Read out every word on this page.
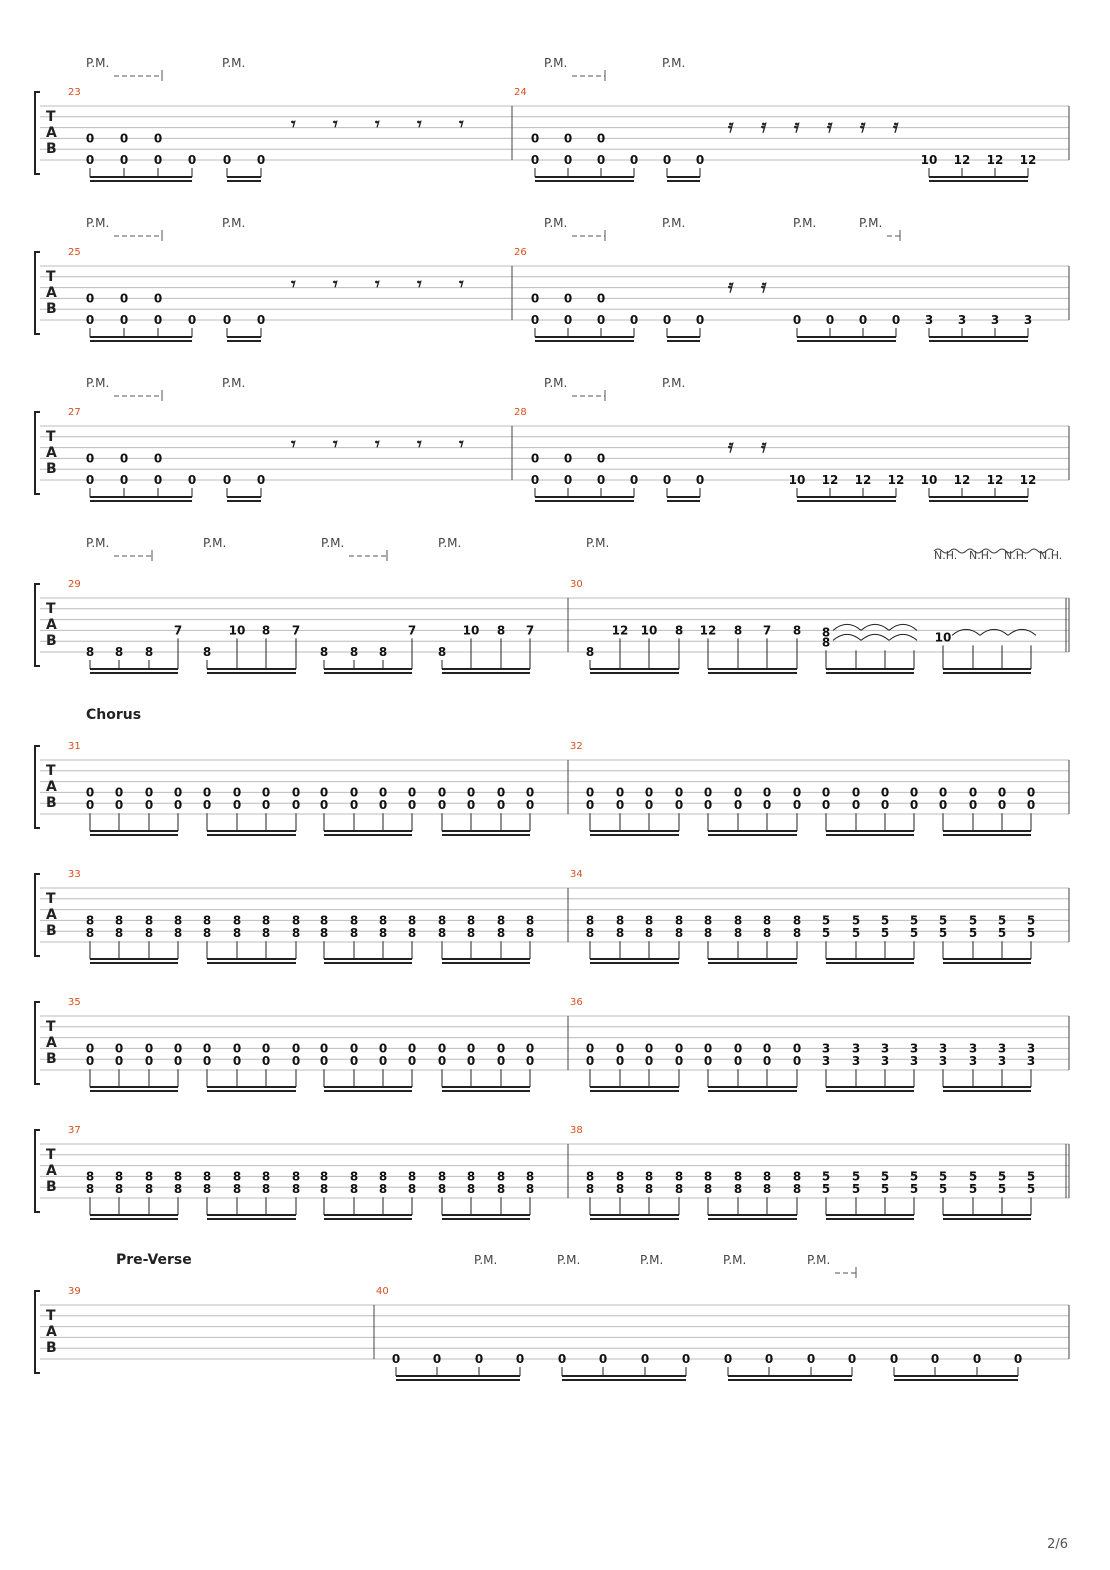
T
A
B
23	24
P.M.	P.M.
0
0
0
0
0
0 0 0 0
𝄾 𝄾 𝄾 𝄾 𝄾
P.M.	P.M.
0
0
0
0
0
0 0 0 0
𝄿 𝄿 𝄿 𝄿 𝄿 𝄿
10 12 12 12
T
A
B
25	26
P.M.	P.M.
0
0
0
0
0
0 0 0 0
𝄾 𝄾 𝄾 𝄾 𝄾
P.M.	P.M.
0
0
0
0
0
0 0 0 0
𝄿 𝄿
0 0 0 0 3 3 3 3
P.M.	P.M.
T
A
B
27	28
P.M.	P.M.
0
0
0
0
0
0 0 0 0
𝄾 𝄾 𝄾 𝄾 𝄾
P.M.	P.M.
0
0
0
0
0
0 0 0 0
𝄿 𝄿
10 12 12 12 10 12 12 12
T
A
B
29	30
P.M.	P.M.	P.M.	P.M.	P.M.
8 8 8
7
8
10 8 7
8 8 8
7
8
10 8 7
8
12 10 8 12 8 7 8 8
8	10
N.H. N.H. N.H. N.H.
T
A
B
31	32
Chorus
0
0
0
0
0
0
0
0
0
0
0
0
0
0
0
0
0
0
0
0
0
0
0
0
0
0
0
0
0
0
0
0
0
0
0
0
0
0
0
0
0
0
0
0
0
0
0
0
0
0
0
0
0
0
0
0
0
0
0
0
0
0
0
0
T
A
B
33	34
8
8
8
8
8
8
8
8
8
8
8
8
8
8
8
8
8
8
8
8
8
8
8
8
8
8
8
8
8
8
8
8
8
8
8
8
8
8
8
8
8
8
8
8
8
8
8
8
5
5
5
5
5
5
5
5
5
5
5
5
5
5
5
5
T
A
B
35	36
0
0
0
0
0
0
0
0
0
0
0
0
0
0
0
0
0
0
0
0
0
0
0
0
0
0
0
0
0
0
0
0
0
0
0
0
0
0
0
0
0
0
0
0
0
0
0
0
3
3
3
3
3
3
3
3
3
3
3
3
3
3
3
3
T
A
B
37	38
8
8
8
8
8
8
8
8
8
8
8
8
8
8
8
8
8
8
8
8
8
8
8
8
8
8
8
8
8
8
8
8
8
8
8
8
8
8
8
8
8
8
8
8
8
8
8
8
5
5
5
5
5
5
5
5
5
5
5
5
5
5
5
5
T
A
B
39	40
Pre-Verse	P.M.	P.M.	P.M.	P.M.	P.M.
0	0	0	0	0	0	0	0	0	0	0	0	0	0	0	0
2/6
